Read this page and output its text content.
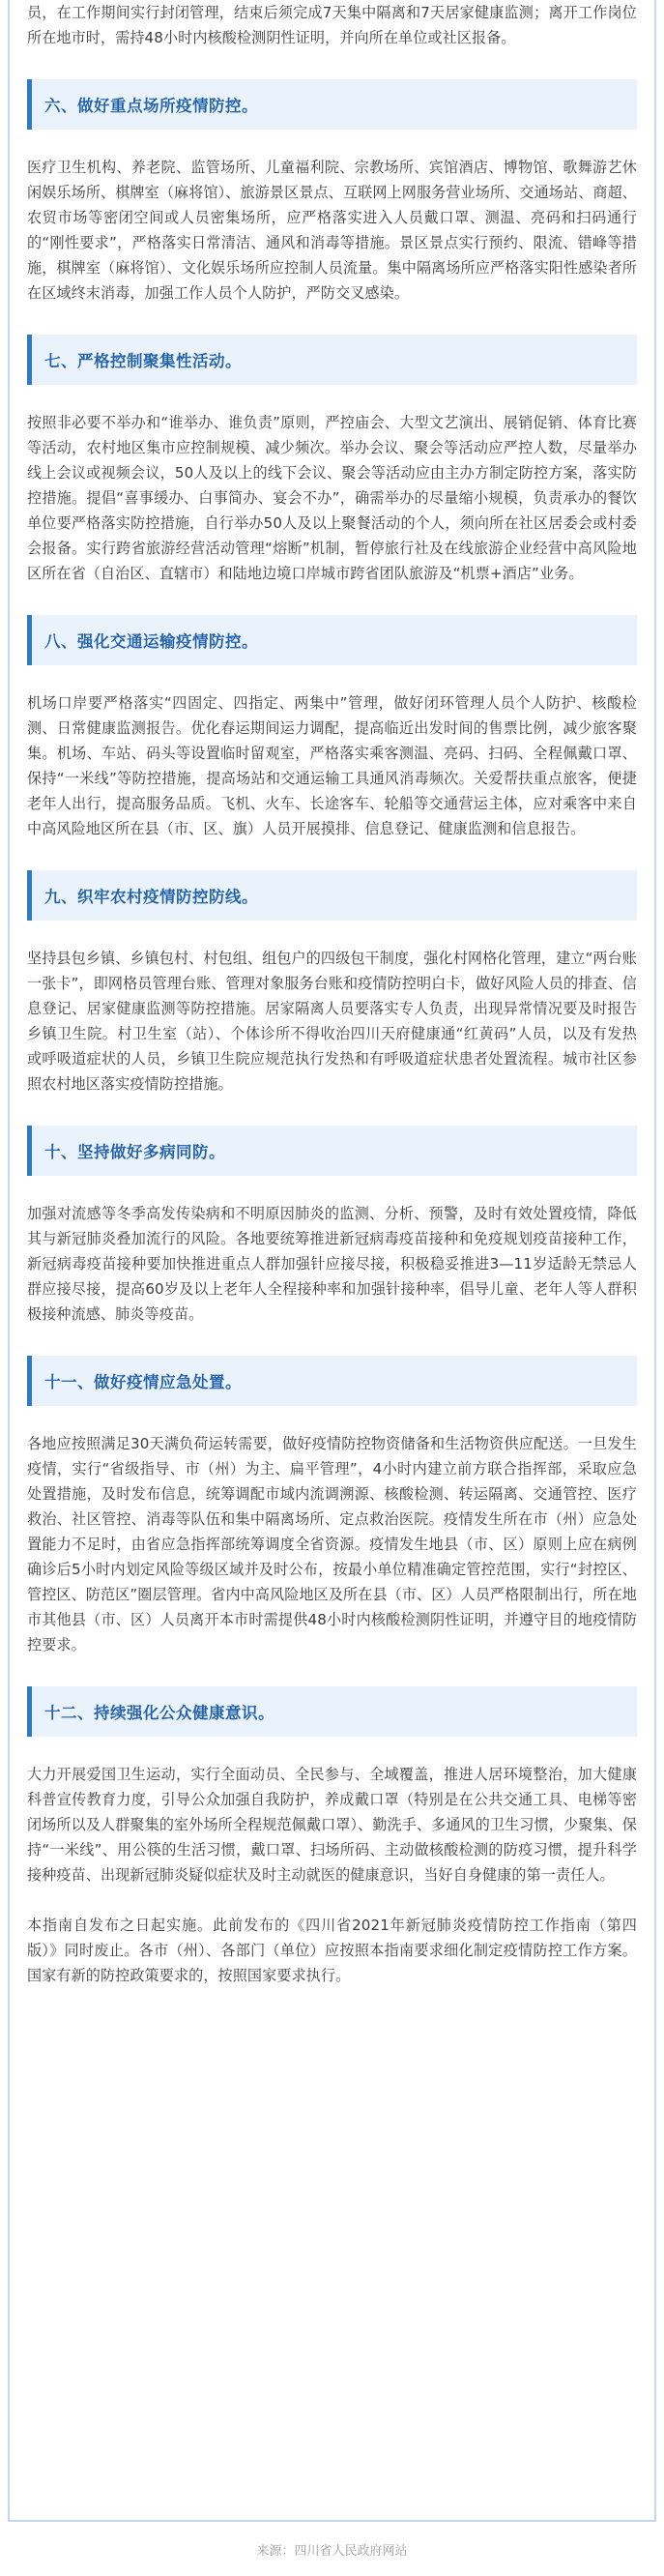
员，在工作期间实行封闭管理，结束后须完成7天集中隔离和7天居家健康监测；离开工作岗位所在地市时，需持48小时内核酸检测阴性证明，并向所在单位或社区报备。

六、做好重点场所疫情防控。

医疗卫生机构、养老院、监管场所、儿童福利院、宗教场所、宾馆酒店、博物馆、歌舞游艺休闲娱乐场所、棋牌室（麻将馆）、旅游景区景点、互联网上网服务营业场所、交通场站、商超、农贸市场等密闭空间或人员密集场所，应严格落实进入人员戴口罩、测温、亮码和扫码通行的“刚性要求”，严格落实日常清洁、通风和消毒等措施。景区景点实行预约、限流、错峰等措施，棋牌室（麻将馆）、文化娱乐场所应控制人员流量。集中隔离场所应严格落实阳性感染者所在区域终末消毒，加强工作人员个人防护，严防交叉感染。

七、严格控制聚集性活动。

按照非必要不举办和“谁举办、谁负责”原则，严控庙会、大型文艺演出、展销促销、体育比赛等活动，农村地区集市应控制规模、减少频次。举办会议、聚会等活动应严控人数，尽量举办线上会议或视频会议，50人及以上的线下会议、聚会等活动应由主办方制定防控方案，落实防控措施。提倡“喜事缓办、白事简办、宴会不办”，确需举办的尽量缩小规模，负责承办的餐饮单位要严格落实防控措施，自行举办50人及以上聚餐活动的个人，须向所在社区居委会或村委会报备。实行跨省旅游经营活动管理“熔断”机制，暂停旅行社及在线旅游企业经营中高风险地区所在省（自治区、直辖市）和陆地边境口岸城市跨省团队旅游及“机票+酒店”业务。

八、强化交通运输疫情防控。

机场口岸要严格落实“四固定、四指定、两集中”管理，做好闭环管理人员个人防护、核酸检测、日常健康监测报告。优化春运期间运力调配，提高临近出发时间的售票比例，减少旅客聚集。机场、车站、码头等设置临时留观室，严格落实乘客测温、亮码、扫码、全程佩戴口罩、保持“一米线”等防控措施，提高场站和交通运输工具通风消毒频次。关爱帮扶重点旅客，便捷老年人出行，提高服务品质。飞机、火车、长途客车、轮船等交通营运主体，应对乘客中来自中高风险地区所在县（市、区、旗）人员开展摸排、信息登记、健康监测和信息报告。

九、织牢农村疫情防控防线。

坚持县包乡镇、乡镇包村、村包组、组包户的四级包干制度，强化村网格化管理，建立“两台账一张卡”，即网格员管理台账、管理对象服务台账和疫情防控明白卡，做好风险人员的排查、信息登记、居家健康监测等防控措施。居家隔离人员要落实专人负责，出现异常情况要及时报告乡镇卫生院。村卫生室（站）、个体诊所不得收治四川天府健康通“红黄码”人员，以及有发热或呼吸道症状的人员，乡镇卫生院应规范执行发热和有呼吸道症状患者处置流程。城市社区参照农村地区落实疫情防控措施。

十、坚持做好多病同防。

加强对流感等冬季高发传染病和不明原因肺炎的监测、分析、预警，及时有效处置疫情，降低其与新冠肺炎叠加流行的风险。各地要统筹推进新冠病毒疫苗接种和免疫规划疫苗接种工作，新冠病毒疫苗接种要加快推进重点人群加强针应接尽接，积极稳妥推进3—11岁适龄无禁忌人群应接尽接，提高60岁及以上老年人全程接种率和加强针接种率，倡导儿童、老年人等人群积极接种流感、肺炎等疫苗。

十一、做好疫情应急处置。

各地应按照满足30天满负荷运转需要，做好疫情防控物资储备和生活物资供应配送。一旦发生疫情，实行“省级指导、市（州）为主、扁平管理”，4小时内建立前方联合指挥部，采取应急处置措施，及时发布信息，统筹调配市域内流调溯源、核酸检测、转运隔离、交通管控、医疗救治、社区管控、消毒等队伍和集中隔离场所、定点救治医院。疫情发生所在市（州）应急处置能力不足时，由省应急指挥部统筹调度全省资源。疫情发生地县（市、区）原则上应在病例确诊后5小时内划定风险等级区域并及时公布，按最小单位精准确定管控范围，实行“封控区、管控区、防范区”圈层管理。省内中高风险地区及所在县（市、区）人员严格限制出行，所在地市其他县（市、区）人员离开本市时需提供48小时内核酸检测阴性证明，并遵守目的地疫情防控要求。

十二、持续强化公众健康意识。

大力开展爱国卫生运动，实行全面动员、全民参与、全域覆盖，推进人居环境整治，加大健康科普宣传教育力度，引导公众加强自我防护，养成戴口罩（特别是在公共交通工具、电梯等密闭场所以及人群聚集的室外场所全程规范佩戴口罩）、勤洗手、多通风的卫生习惯，少聚集、保持“一米线”、用公筷的生活习惯，戴口罩、扫场所码、主动做核酸检测的防疫习惯，提升科学接种疫苗、出现新冠肺炎疑似症状及时主动就医的健康意识，当好自身健康的第一责任人。

本指南自发布之日起实施。此前发布的《四川省2021年新冠肺炎疫情防控工作指南（第四版）》同时废止。各市（州）、各部门（单位）应按照本指南要求细化制定疫情防控工作方案。国家有新的防控政策要求的，按照国家要求执行。

来源：四川省人民政府网站
